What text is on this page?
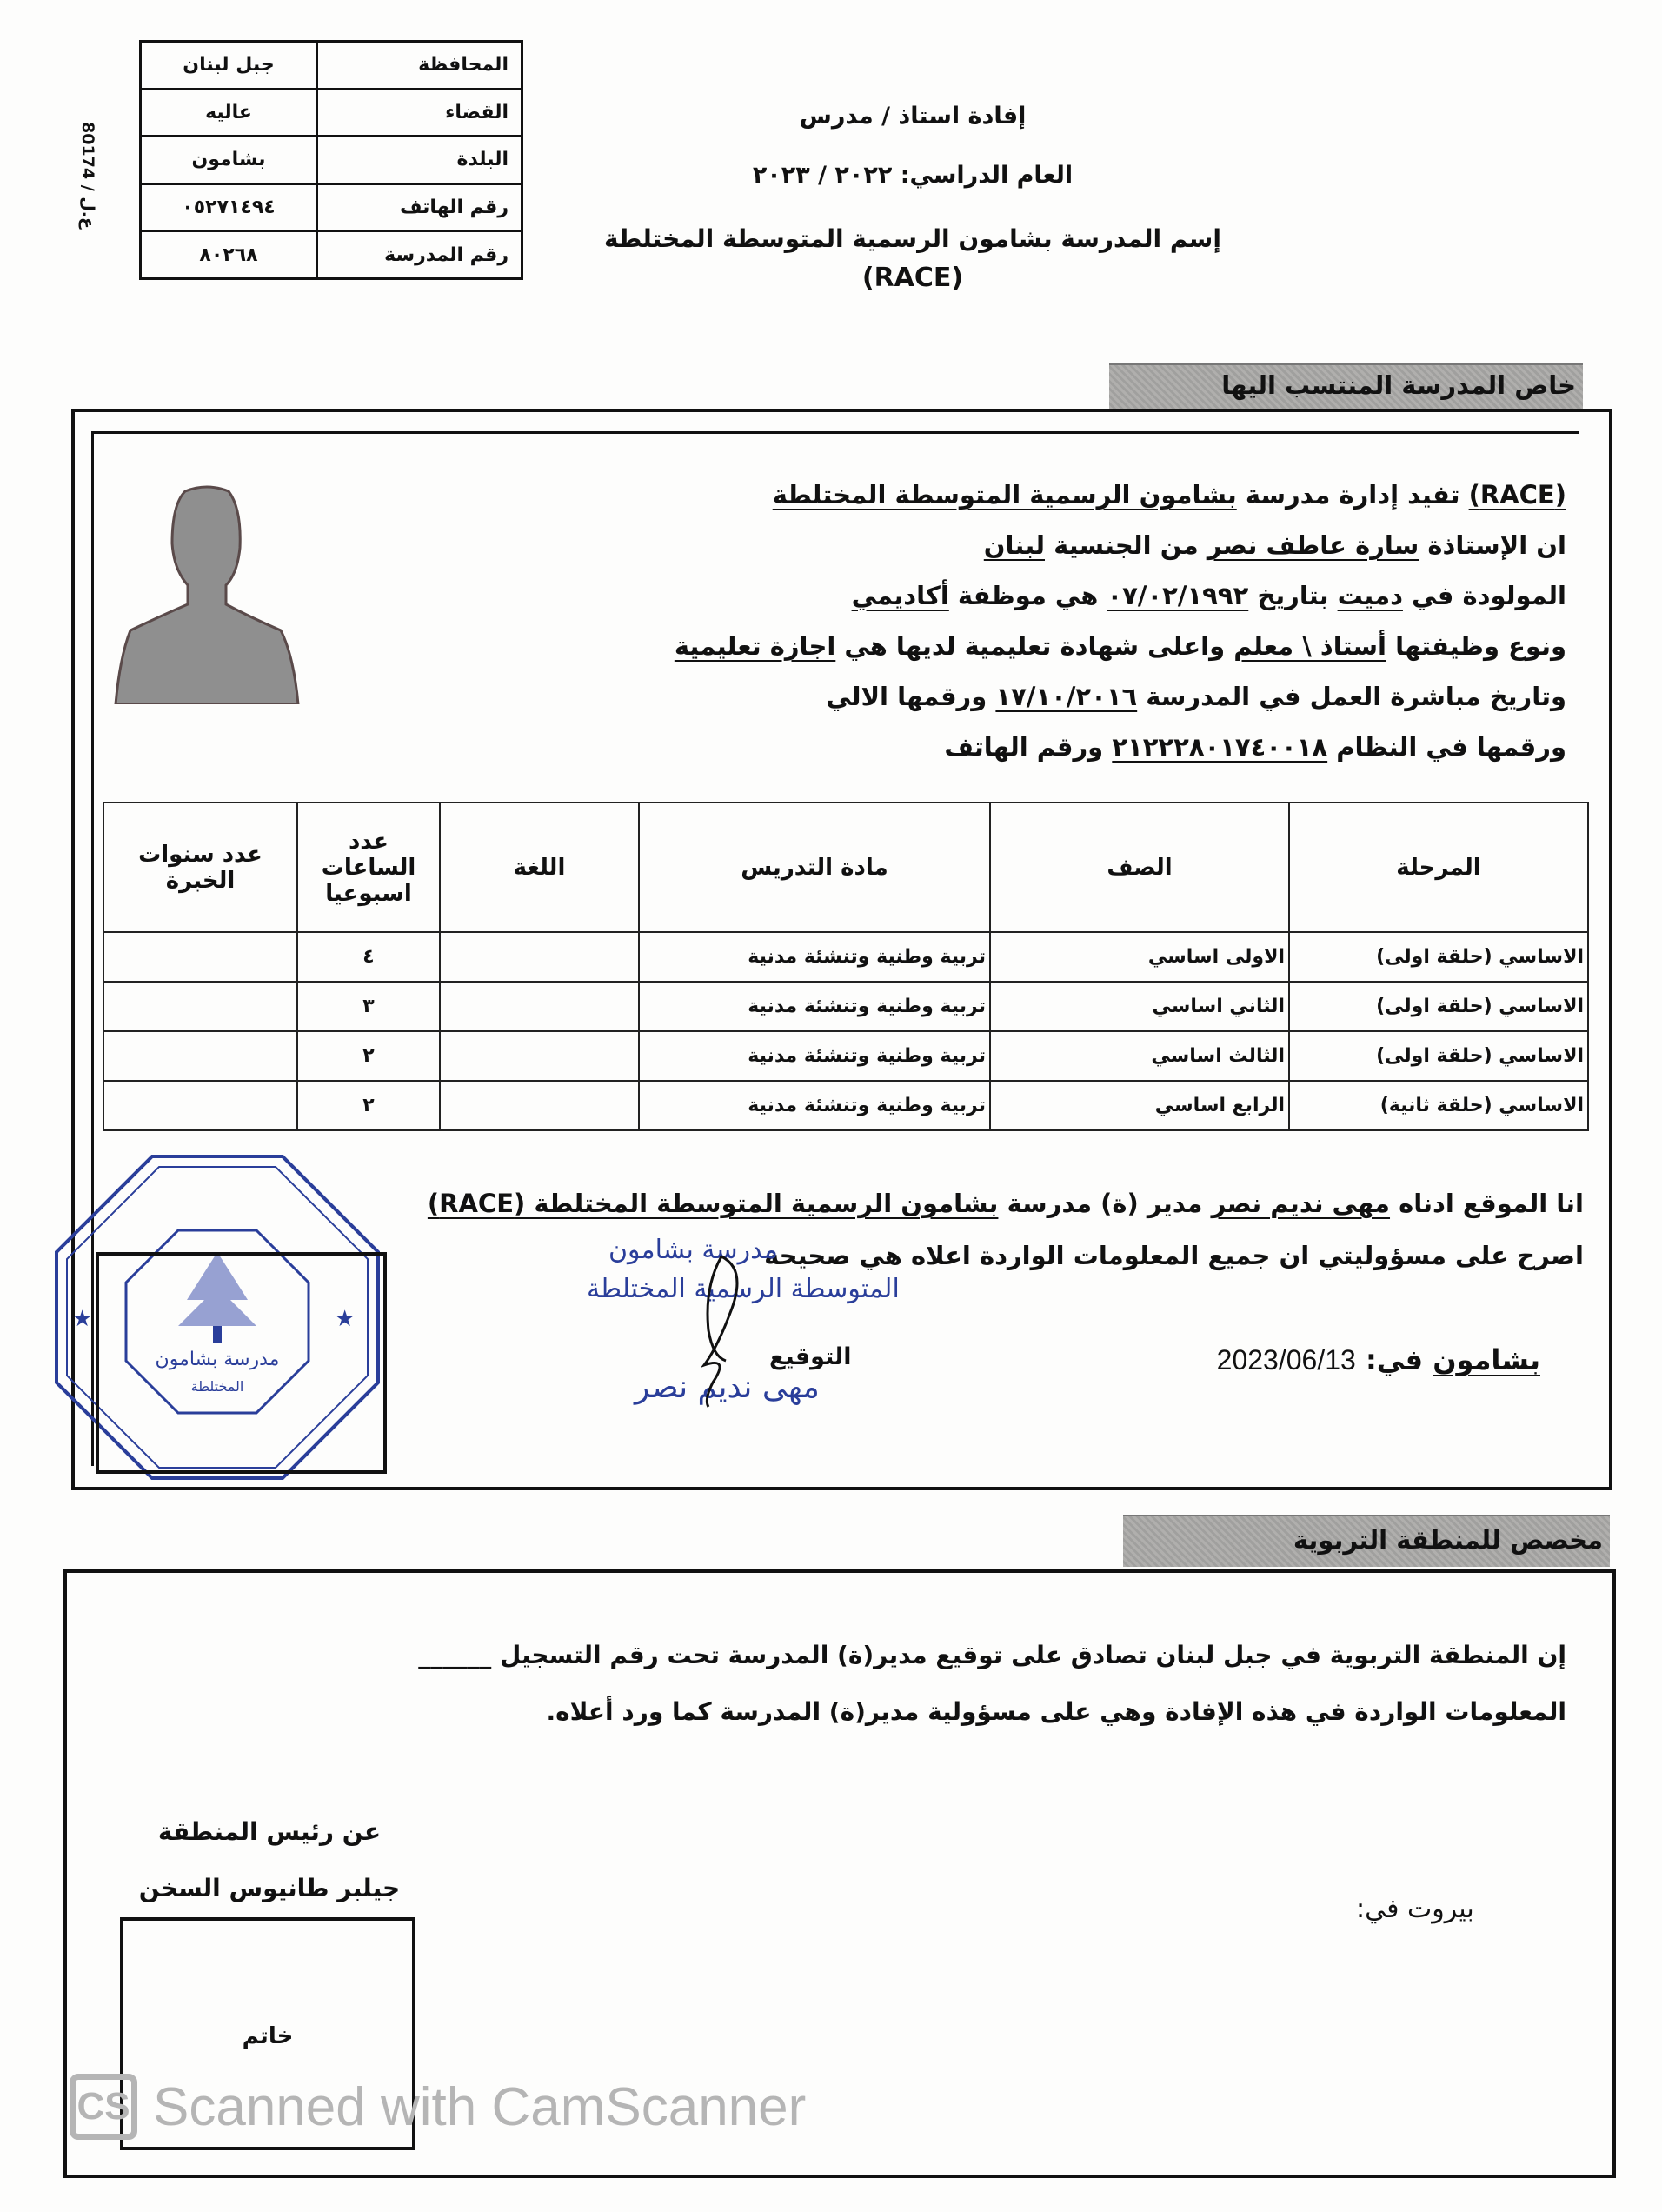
ع.ل / 80174
المحافظة	جبل لبنان
القضاء	عاليه
البلدة	بشامون
رقم الهاتف	٠٥٢٧١٤٩٤
رقم المدرسة	٨٠٢٦٨
إفادة استاذ / مدرس
العام الدراسي: ٢٠٢٢ / ٢٠٢٣
إسم المدرسة بشامون الرسمية المتوسطة المختلطة
(RACE)
خاص المدرسة المنتسب اليها
(RACE) تفيد إدارة مدرسة بشامون الرسمية المتوسطة المختلطة
ان الإستاذة سارة عاطف نصر من الجنسية لبنان
المولودة في دميت بتاريخ ٠٧/٠٢/١٩٩٢ هي موظفة أكاديمي
ونوع وظيفتها أستاذ \ معلم واعلى شهادة تعليمية لديها هي اجازة تعليمية
وتاريخ مباشرة العمل في المدرسة ١٧/١٠/٢٠١٦ ورقمها الالي
ورقمها في النظام ٢١٢٢٢٨٠١٧٤٠٠١٨ ورقم الهاتف
المرحلة	الصف	مادة التدريس	اللغة	عدد الساعات اسبوعيا	عدد سنوات الخبرة
الاساسي (حلقة اولى)	الاولى اساسي	تربية وطنية وتنشئة مدنية		٤	
الاساسي (حلقة اولى)	الثاني اساسي	تربية وطنية وتنشئة مدنية		٣	
الاساسي (حلقة اولى)	الثالث اساسي	تربية وطنية وتنشئة مدنية		٢	
الاساسي (حلقة ثانية)	الرابع اساسي	تربية وطنية وتنشئة مدنية		٢	
انا الموقع ادناه مهى نديم نصر مدير (ة) مدرسة بشامون الرسمية المتوسطة المختلطة (RACE)
اصرح على مسؤوليتي ان جميع المعلومات الواردة اعلاه هي صحيحة
بشامون في: 2023/06/13
التوقيع
مدرسة بشامون
المتوسطة الرسمية المختلطة
مهى نديم نصر
مدرسة بشامون
المختلطة
★
★
مخصص للمنطقة التربوية
إن المنطقة التربوية في جبل لبنان تصادق على توقيع مدير(ة) المدرسة تحت رقم التسجيل ______
المعلومات الواردة في هذه الإفادة وهي على مسؤولية مدير(ة) المدرسة كما ورد أعلاه.
عن رئيس المنطقة
جيلبر طانيوس السخن
خاتم
بيروت في:
CS Scanned with CamScanner
